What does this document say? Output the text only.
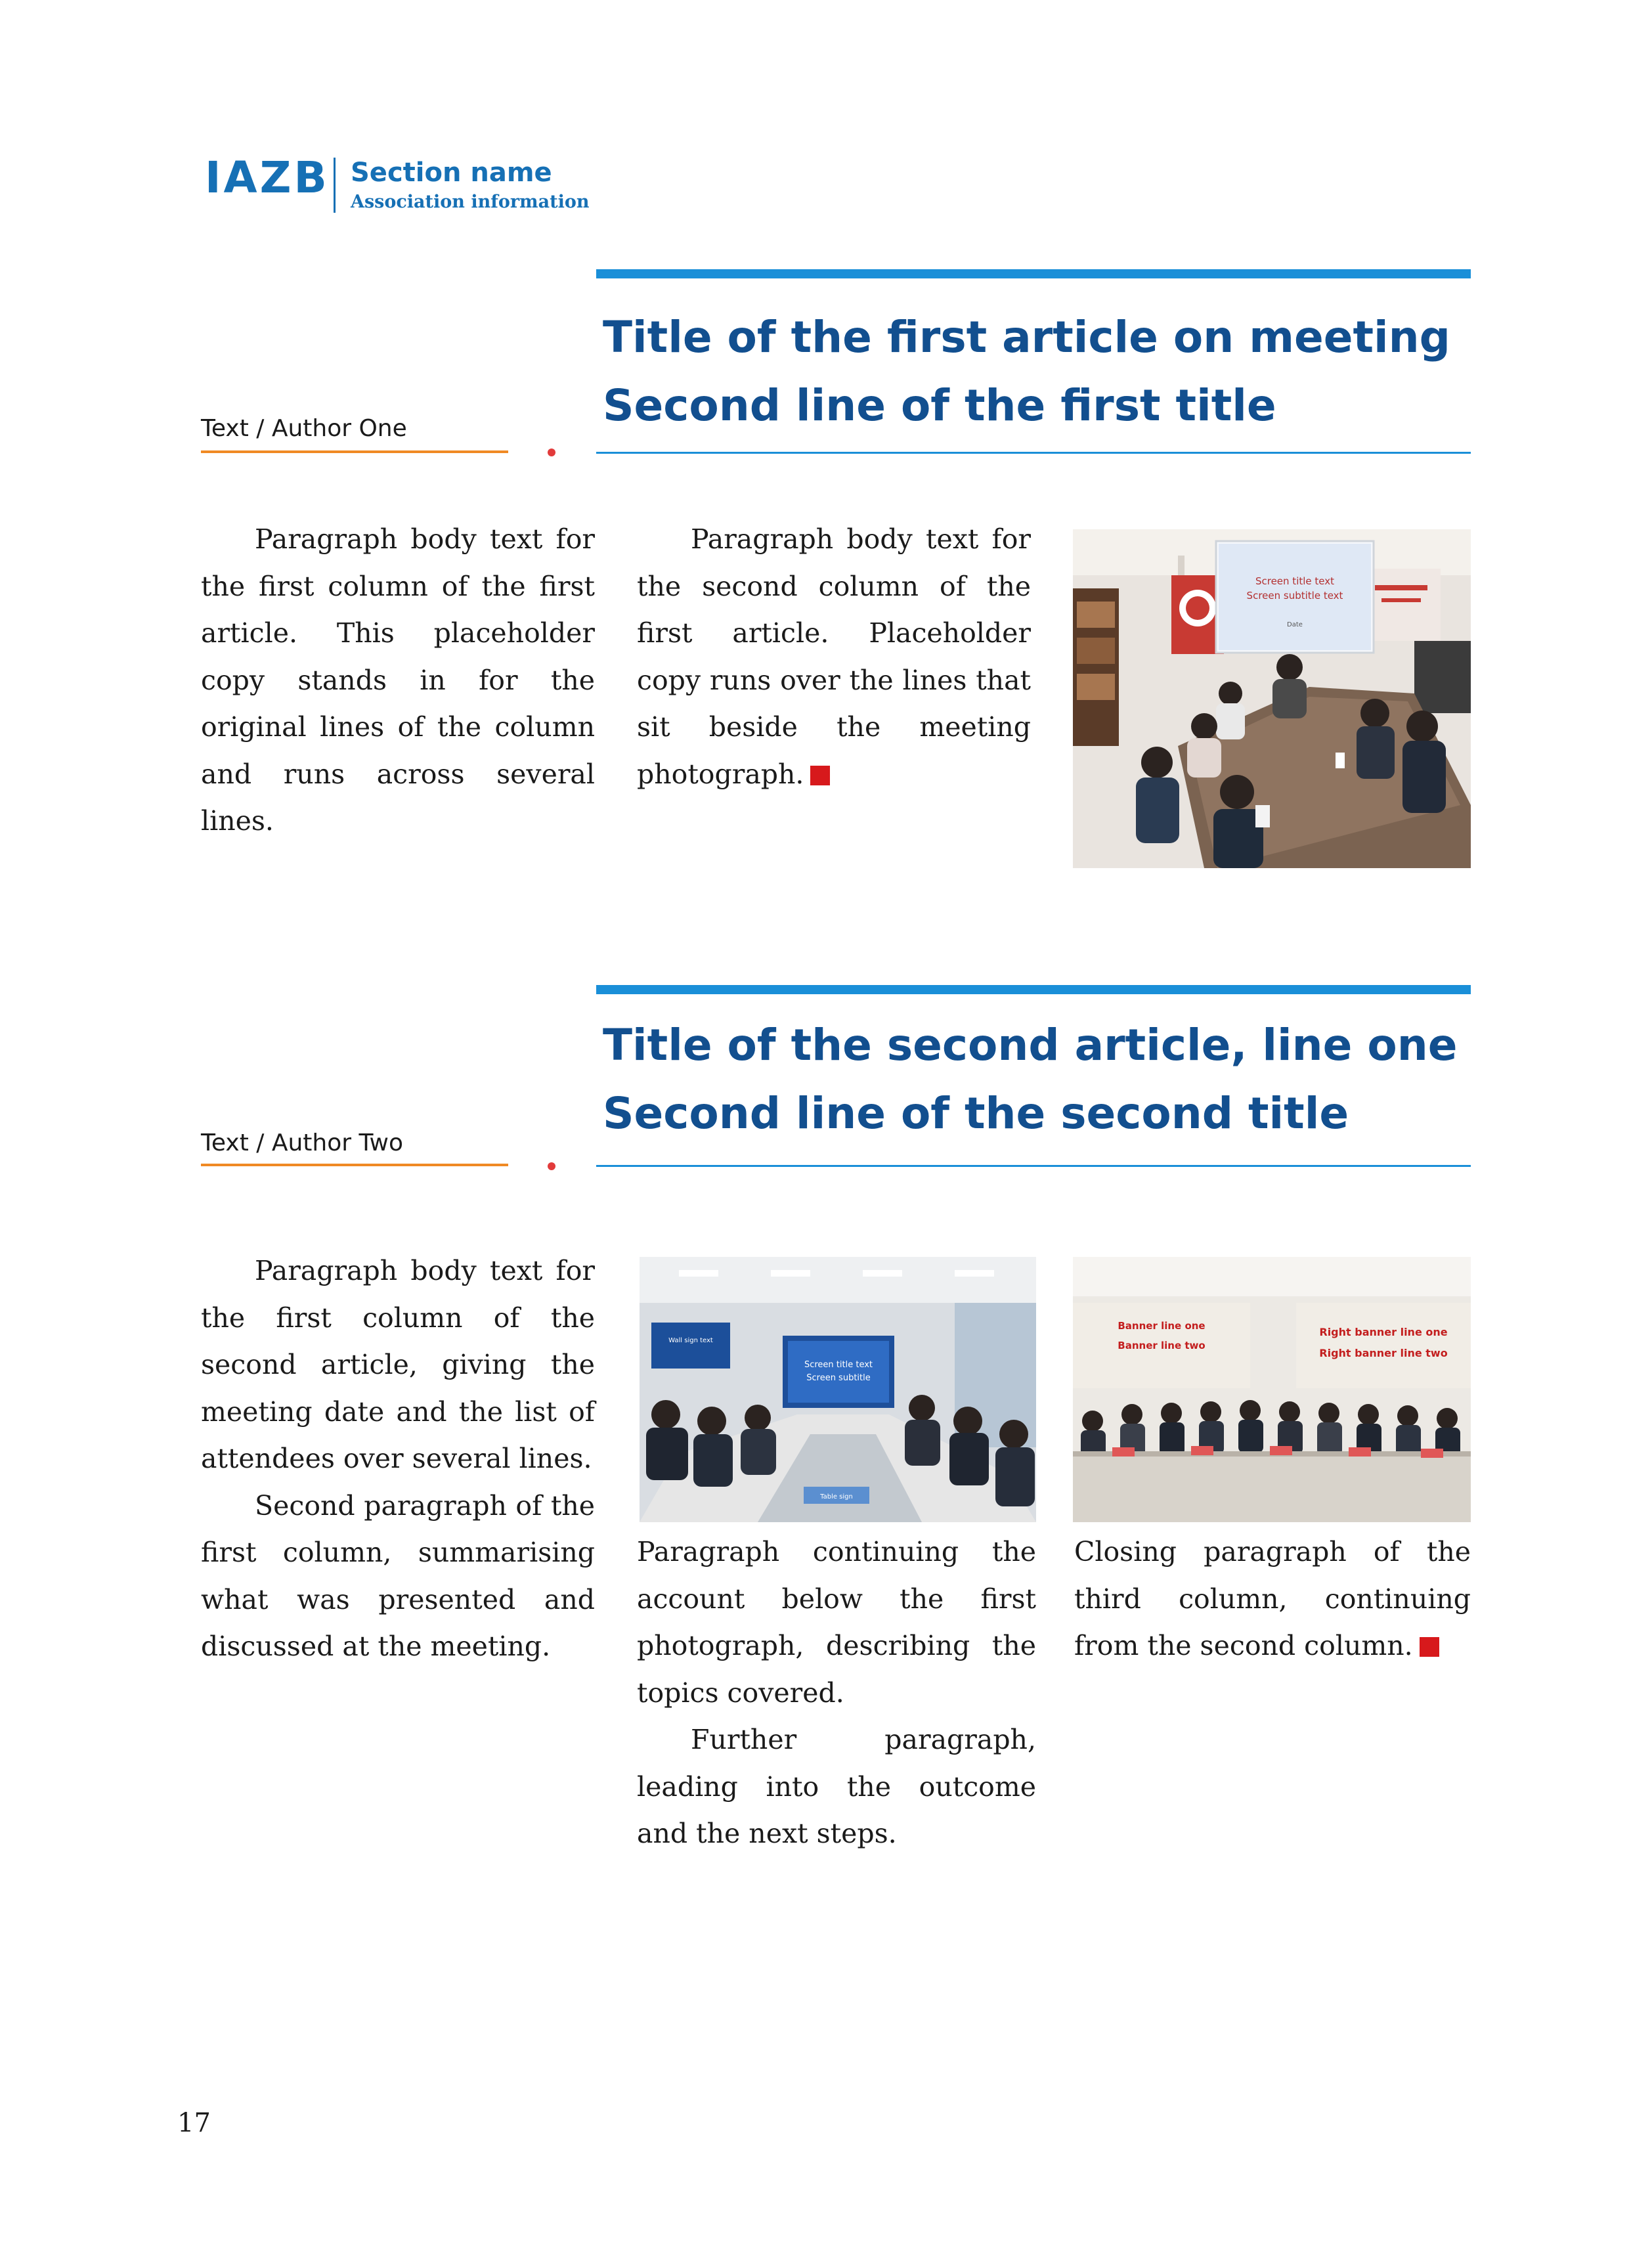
IAZB Section name
Association information
Title of the first article on meeting
Second line of the first title
Text / Author One

Paragraph body text for the first column of the first article. This placeholder copy stands in for the original lines of the column and runs across several lines.

Paragraph body text for the second column of the first article. Placeholder copy runs over the lines that sit beside the meeting photograph.

Screen title text
Screen subtitle text
Date
Title of the second article, line one
Second line of the second title
Text / Author Two

Paragraph body text for the first column of the second article, giving the meeting date and the list of attendees over several lines.

Second paragraph of the first column, summarising what was presented and discussed at the meeting.

Wall sign text
Screen title text
Screen subtitle
Table sign

Paragraph continuing the account below the first photograph, describing the topics covered.

Further paragraph, leading into the outcome and the next steps.

Banner line one
Banner line two
Right banner line one
Right banner line two

Closing paragraph of the third column, continuing from the second column.

17
